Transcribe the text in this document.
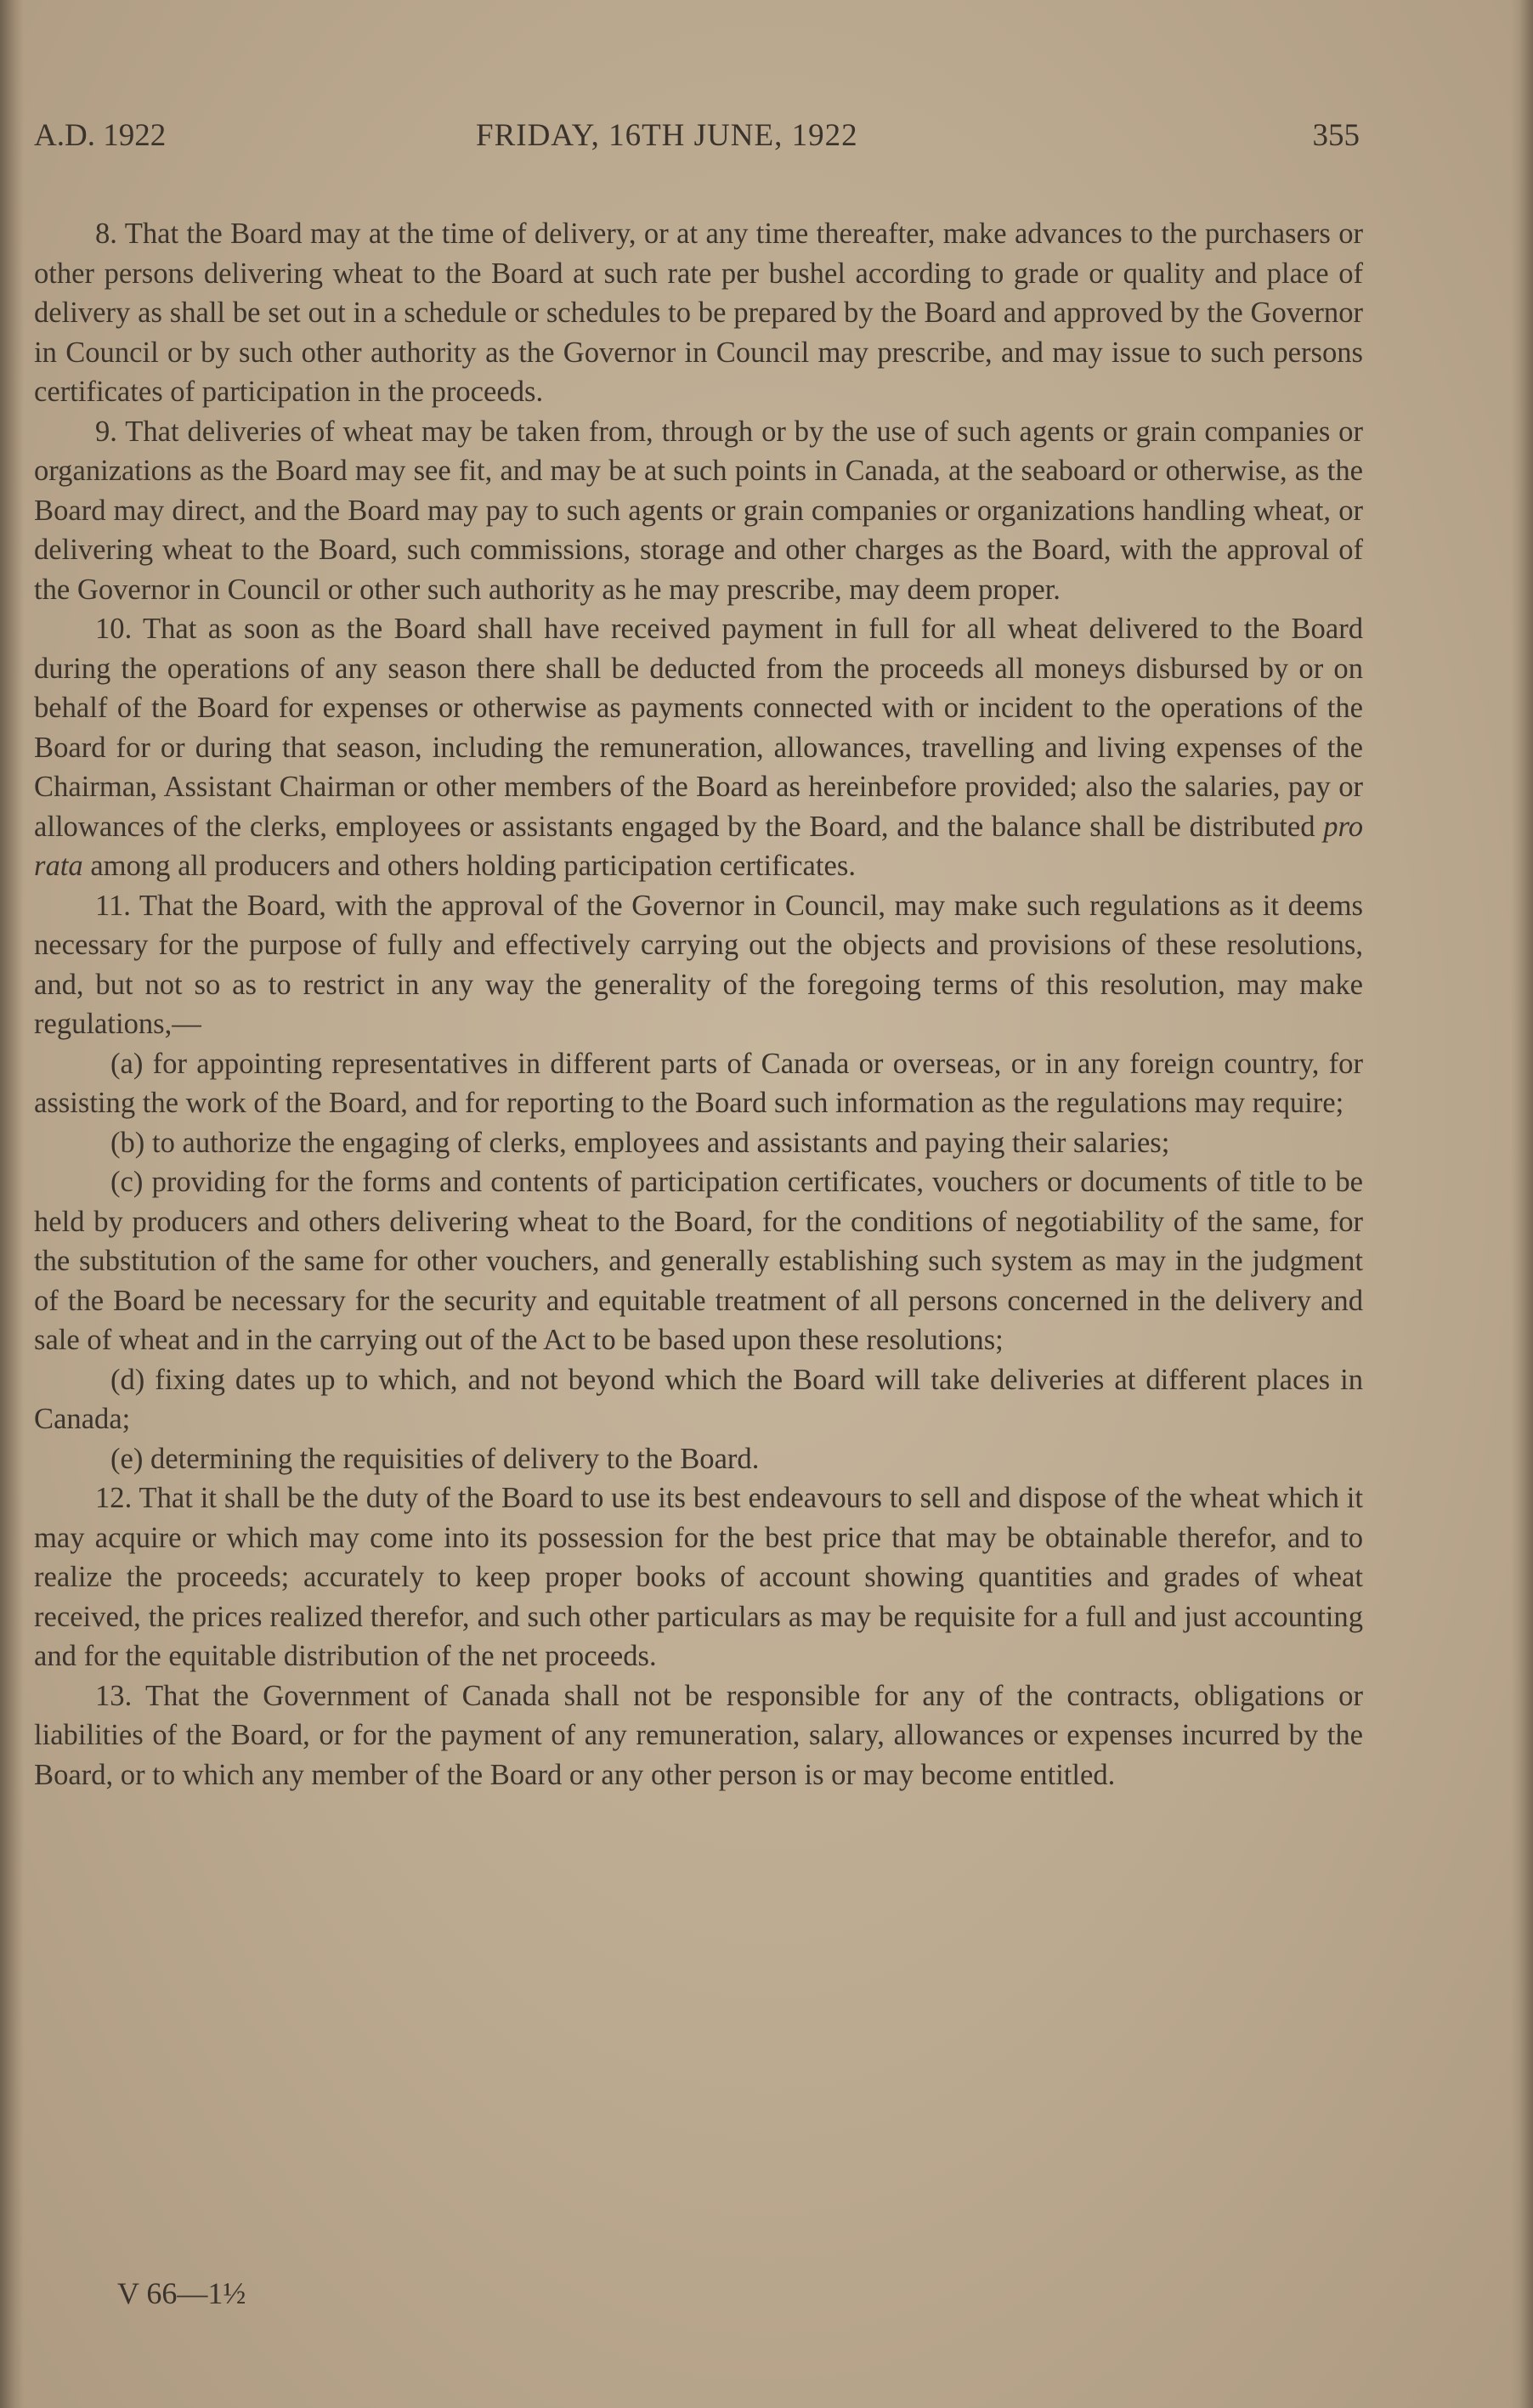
A.D. 1922	FRIDAY, 16TH JUNE, 1922	355

8. That the Board may at the time of delivery, or at any time thereafter, make advances to the purchasers or other persons delivering wheat to the Board at such rate per bushel according to grade or quality and place of delivery as shall be set out in a schedule or schedules to be prepared by the Board and approved by the Governor in Council or by such other authority as the Governor in Council may prescribe, and may issue to such persons certificates of participation in the proceeds.

9. That deliveries of wheat may be taken from, through or by the use of such agents or grain companies or organizations as the Board may see fit, and may be at such points in Canada, at the seaboard or otherwise, as the Board may direct, and the Board may pay to such agents or grain companies or organizations handling wheat, or delivering wheat to the Board, such commissions, storage and other charges as the Board, with the approval of the Governor in Council or other such authority as he may prescribe, may deem proper.

10. That as soon as the Board shall have received payment in full for all wheat delivered to the Board during the operations of any season there shall be deducted from the proceeds all moneys disbursed by or on behalf of the Board for expenses or otherwise as payments connected with or incident to the operations of the Board for or during that season, including the remuneration, allowances, travelling and living expenses of the Chairman, Assistant Chairman or other members of the Board as hereinbefore provided; also the salaries, pay or allowances of the clerks, employees or assistants engaged by the Board, and the balance shall be distributed pro rata among all producers and others holding participation certificates.

11. That the Board, with the approval of the Governor in Council, may make such regulations as it deems necessary for the purpose of fully and effectively carrying out the objects and provisions of these resolutions, and, but not so as to restrict in any way the generality of the foregoing terms of this resolution, may make regulations,—

(a) for appointing representatives in different parts of Canada or overseas, or in any foreign country, for assisting the work of the Board, and for reporting to the Board such information as the regulations may require;

(b) to authorize the engaging of clerks, employees and assistants and paying their salaries;

(c) providing for the forms and contents of participation certificates, vouchers or documents of title to be held by producers and others delivering wheat to the Board, for the conditions of negotiability of the same, for the substitution of the same for other vouchers, and generally establishing such system as may in the judgment of the Board be necessary for the security and equitable treatment of all persons concerned in the delivery and sale of wheat and in the carrying out of the Act to be based upon these resolutions;

(d) fixing dates up to which, and not beyond which the Board will take deliveries at different places in Canada;

(e) determining the requisities of delivery to the Board.

12. That it shall be the duty of the Board to use its best endeavours to sell and dispose of the wheat which it may acquire or which may come into its possession for the best price that may be obtainable therefor, and to realize the proceeds; accurately to keep proper books of account showing quantities and grades of wheat received, the prices realized therefor, and such other particulars as may be requisite for a full and just accounting and for the equitable distribution of the net proceeds.

13. That the Government of Canada shall not be responsible for any of the contracts, obligations or liabilities of the Board, or for the payment of any remuneration, salary, allowances or expenses incurred by the Board, or to which any member of the Board or any other person is or may become entitled.

V 66—1½
